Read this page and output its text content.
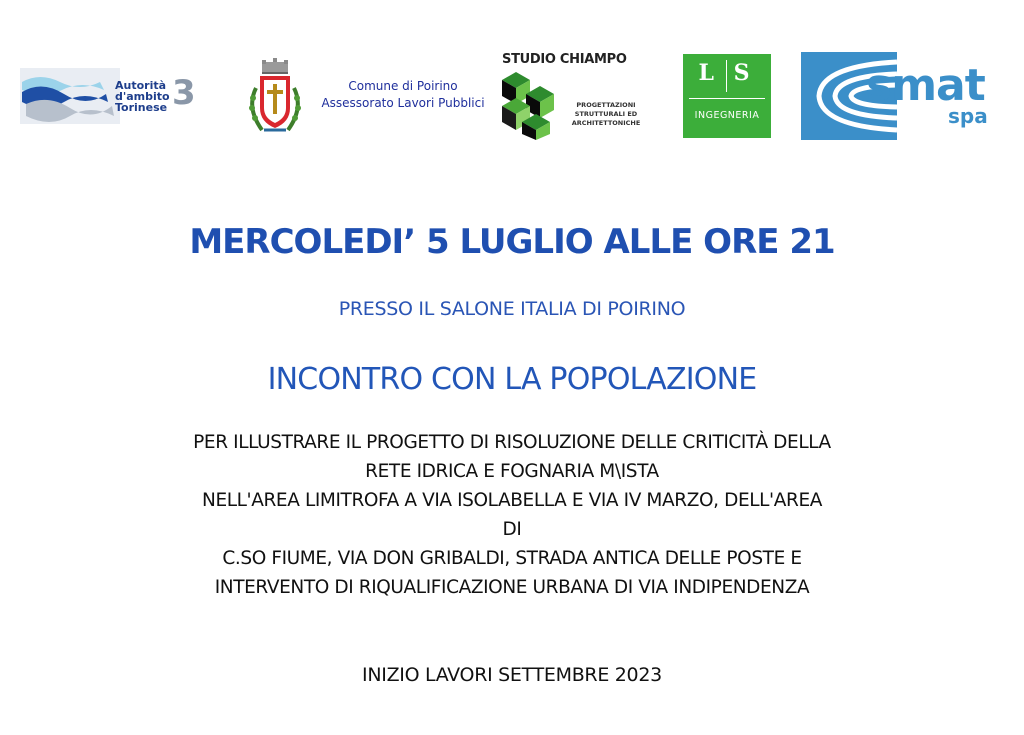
Autorità
d'ambito
Torinese 3	Comune di Poirino
Assessorato Lavori Pubblici
STUDIO CHIAMPO
PROGETTAZIONI
STRUTTURALI ED
ARCHITETTONICHE
L S
INGEGNERIA
smat
spa
MERCOLEDI’ 5 LUGLIO ALLE ORE 21
PRESSO IL SALONE ITALIA DI POIRINO
INCONTRO CON LA POPOLAZIONE
PER ILLUSTRARE IL PROGETTO DI RISOLUZIONE DELLE CRITICITÀ DELLA
RETE IDRICA E FOGNARIA M\ISTA
NELL'AREA LIMITROFA A VIA ISOLABELLA E VIA IV MARZO, DELL'AREA
DI
C.SO FIUME, VIA DON GRIBALDI, STRADA ANTICA DELLE POSTE E
INTERVENTO DI RIQUALIFICAZIONE URBANA DI VIA INDIPENDENZA
INIZIO LAVORI SETTEMBRE 2023
